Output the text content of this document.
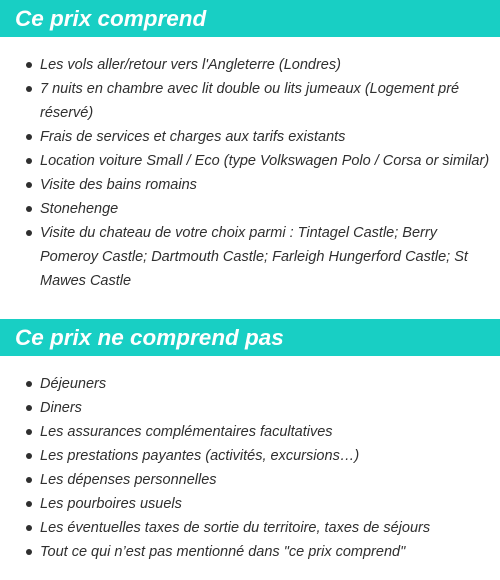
Ce prix comprend
Les vols aller/retour vers l'Angleterre (Londres)
7 nuits en chambre avec lit double ou lits jumeaux (Logement pré réservé)
Frais de services et charges aux tarifs existants
Location voiture Small / Eco (type Volkswagen Polo / Corsa or similar)
Visite des bains romains
Stonehenge
Visite du chateau de votre choix parmi : Tintagel Castle; Berry Pomeroy Castle; Dartmouth Castle; Farleigh Hungerford Castle; St Mawes Castle
Ce prix ne comprend pas
Déjeuners
Diners
Les assurances complémentaires facultatives
Les prestations payantes (activités, excursions…)
Les dépenses personnelles
Les pourboires usuels
Les éventuelles taxes de sortie du territoire, taxes de séjours
Tout ce qui n’est pas mentionné dans "ce prix comprend"
